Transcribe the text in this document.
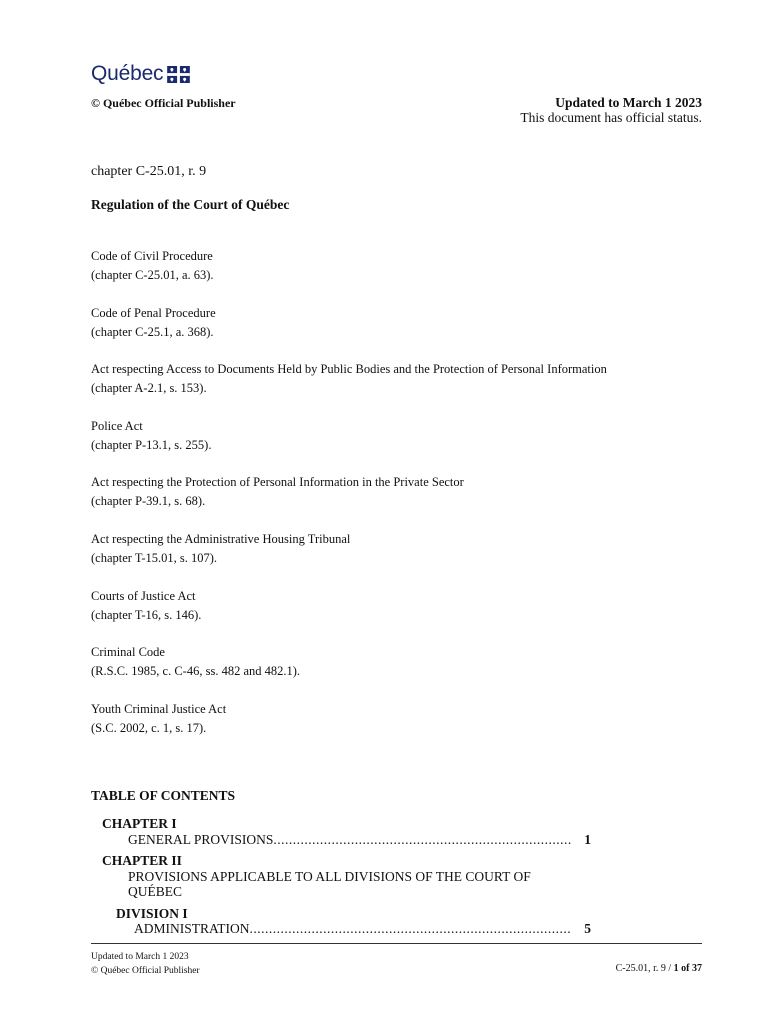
Québec
© Québec Official Publisher	Updated to March 1 2023
This document has official status.
chapter C-25.01, r. 9
Regulation of the Court of Québec
Code of Civil Procedure
(chapter C-25.01, a. 63).
Code of Penal Procedure
(chapter C-25.1, a. 368).
Act respecting Access to Documents Held by Public Bodies and the Protection of Personal Information
(chapter A-2.1, s. 153).
Police Act
(chapter P-13.1, s. 255).
Act respecting the Protection of Personal Information in the Private Sector
(chapter P-39.1, s. 68).
Act respecting the Administrative Housing Tribunal
(chapter T-15.01, s. 107).
Courts of Justice Act
(chapter T-16, s. 146).
Criminal Code
(R.S.C. 1985, c. C-46, ss. 482 and 482.1).
Youth Criminal Justice Act
(S.C. 2002, c. 1, s. 17).
TABLE OF CONTENTS
CHAPTER I
GENERAL PROVISIONS .....	1
CHAPTER II
PROVISIONS APPLICABLE TO ALL DIVISIONS OF THE COURT OF QUÉBEC
DIVISION I
ADMINISTRATION .....	5
Updated to March 1 2023
© Québec Official Publisher	C-25.01, r. 9 / 1 of 37
